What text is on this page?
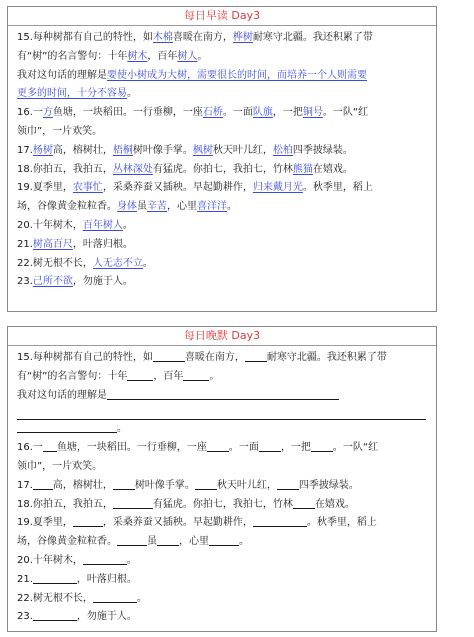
每日早读 Day3
15.每种树都有自己的特性，如木棉喜暖在南方，桦树耐寒守北疆。我还积累了带
有“树”的名言警句：十年树木，百年树人。
我对这句话的理解是要使小树成为大树，需要很长的时间，而培养一个人则需要
更多的时间，十分不容易。
16.一方鱼塘，一块稻田。一行垂柳，一座石桥。一面队旗，一把铜号。一队“红
领巾”，一片欢笑。
17.杨树高，榕树壮，梧桐树叶像手掌。枫树秋天叶儿红，松柏四季披绿装。
18.你拍五，我拍五，丛林深处有猛虎。你拍七，我拍七，竹林熊猫在嬉戏。
19.夏季里，农事忙，采桑养蚕又插秧。早起勤耕作，归来戴月光。秋季里，稻上
场，谷像黄金粒粒香。身体虽辛苦，心里喜洋洋。
20.十年树木，百年树人。
21.树高百尺，叶落归根。
22.树无根不长，人无志不立。
23.己所不欲，勿施于人。
每日晚默 Day3
15.每种树都有自己的特性，如	喜暖在南方， 耐寒守北疆。我还积累了带
有“树”的名言警句：十年	，百年	。
我对这句话的理解是
。
16.一 鱼塘，一块稻田。一行垂柳，一座 。一面 ，一把 。一队“红
领巾”，一片欢笑。
17. 高，榕树壮， 树叶像手掌。 秋天叶儿红， 四季披绿装。
18.你拍五，我拍五，	有猛虎。你拍七，我拍七，竹林 在嬉戏。
19.夏季里，	，采桑养蚕又插秧。早起勤耕作，	。秋季里，稻上
场，谷像黄金粒粒香。	虽 ，心里	。
20.十年树木，	。
21.	，叶落归根。
22.树无根不长，	。
23.	，勿施于人。
